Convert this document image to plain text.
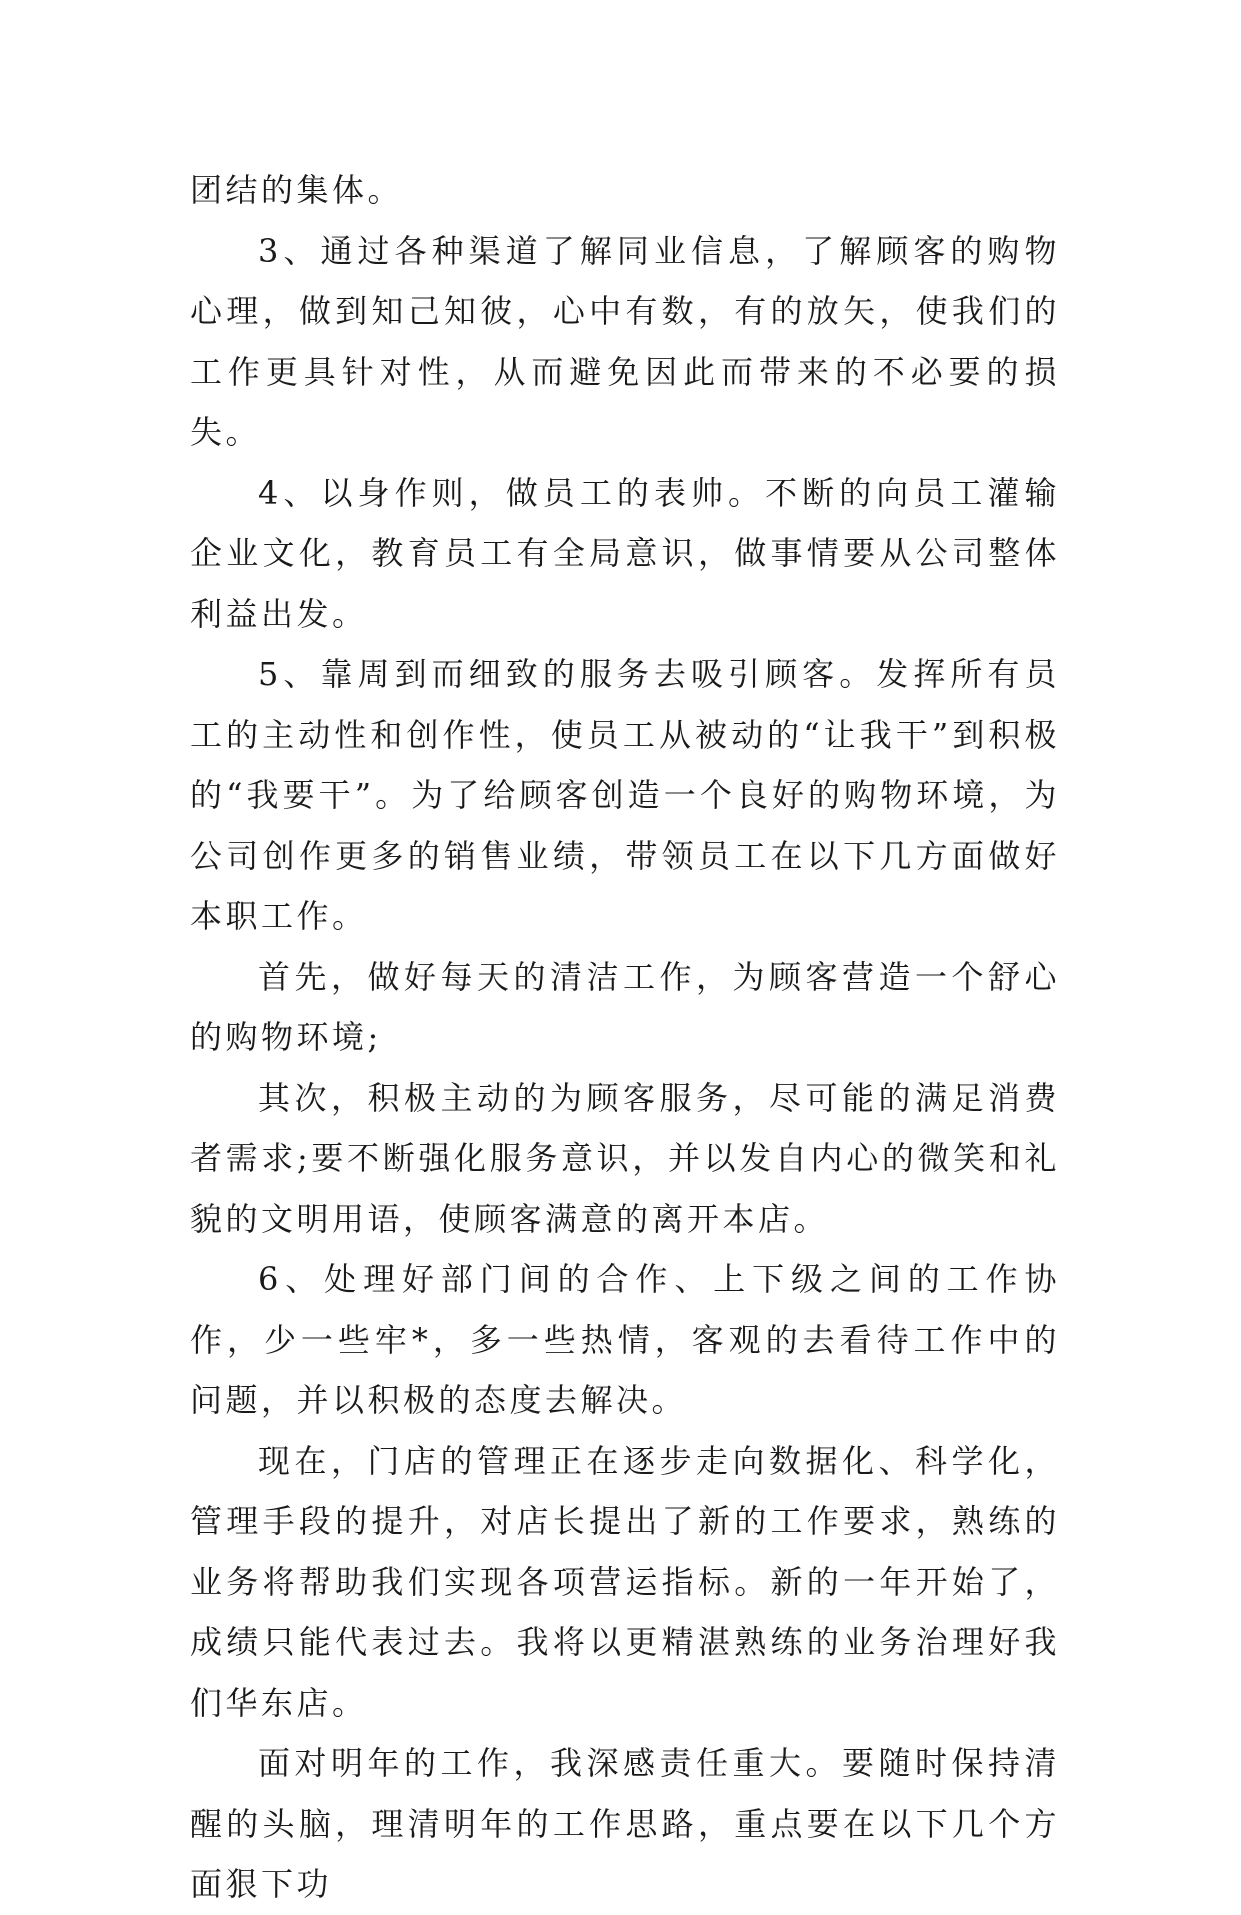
团结的集体。

3、通过各种渠道了解同业信息，了解顾客的购物心理，做到知己知彼，心中有数，有的放矢，使我们的工作更具针对性，从而避免因此而带来的不必要的损失。

4、以身作则，做员工的表帅。不断的向员工灌输企业文化，教育员工有全局意识，做事情要从公司整体利益出发。

5、靠周到而细致的服务去吸引顾客。发挥所有员工的主动性和创作性，使员工从被动的“让我干”到积极的“我要干”。为了给顾客创造一个良好的购物环境，为公司创作更多的销售业绩，带领员工在以下几方面做好本职工作。

首先，做好每天的清洁工作，为顾客营造一个舒心的购物环境;

其次，积极主动的为顾客服务，尽可能的满足消费者需求;要不断强化服务意识，并以发自内心的微笑和礼貌的文明用语，使顾客满意的离开本店。

6、处理好部门间的合作、上下级之间的工作协作，少一些牢*，多一些热情，客观的去看待工作中的问题，并以积极的态度去解决。

现在，门店的管理正在逐步走向数据化、科学化，管理手段的提升，对店长提出了新的工作要求，熟练的业务将帮助我们实现各项营运指标。新的一年开始了，成绩只能代表过去。我将以更精湛熟练的业务治理好我们华东店。

面对明年的工作，我深感责任重大。要随时保持清醒的头脑，理清明年的工作思路，重点要在以下几个方面狠下功
